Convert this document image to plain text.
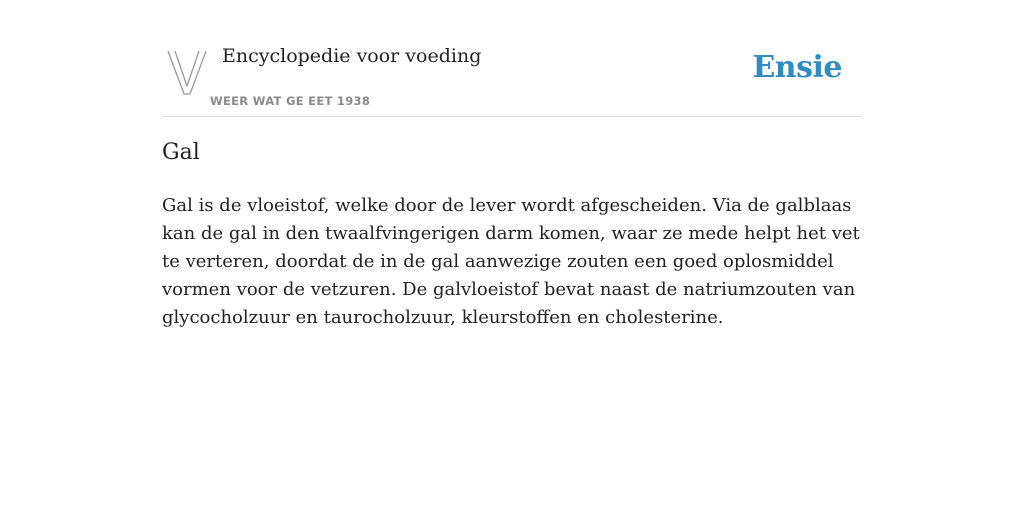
Encyclopedie voor voeding
WEER WAT GE EET 1938
Ensie
Gal

Gal is de vloeistof, welke door de lever wordt afgescheiden. Via de galblaas kan de gal in den twaalfvingerigen darm komen, waar ze mede helpt het vet te verteren, doordat de in de gal aanwezige zouten een goed oplosmiddel vormen voor de vetzuren. De galvloeistof bevat naast de natriumzouten van glycocholzuur en taurocholzuur, kleurstoffen en cholesterine.
